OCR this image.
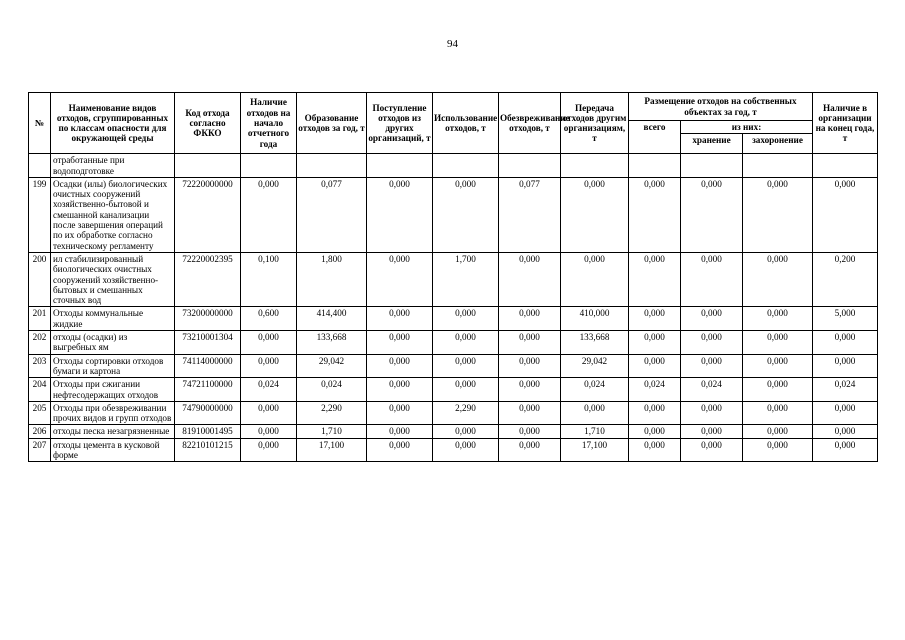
94
№	Наименование видов отходов, сгруппированных по классам опасности для окружающей среды	Код отхода согласно ФККО	Наличие отходов на начало отчетного года	Образование отходов за год, т	Поступление отходов из других организаций, т	Использование отходов, т	Обезвреживание отходов, т	Передача отходов другим организациям, т	Размещение отходов на собственных объектах за год, т			Наличие в организации на конец года, т
									всего	из них:		
										хранение	захоронение	
	отработанные при водоподготовке											
199	Осадки (илы) биологических очистных сооружений хозяйственно-бытовой и смешанной канализации после завершения операций по их обработке согласно техническому регламенту	72220000000	0,000	0,077	0,000	0,000	0,077	0,000	0,000	0,000	0,000	0,000
200	ил стабилизированный биологических очистных сооружений хозяйственно-бытовых и смешанных сточных вод	72220002395	0,100	1,800	0,000	1,700	0,000	0,000	0,000	0,000	0,000	0,200
201	Отходы коммунальные жидкие	73200000000	0,600	414,400	0,000	0,000	0,000	410,000	0,000	0,000	0,000	5,000
202	отходы (осадки) из выгребных ям	73210001304	0,000	133,668	0,000	0,000	0,000	133,668	0,000	0,000	0,000	0,000
203	Отходы сортировки отходов бумаги и картона	74114000000	0,000	29,042	0,000	0,000	0,000	29,042	0,000	0,000	0,000	0,000
204	Отходы при сжигании нефтесодержащих отходов	74721100000	0,024	0,024	0,000	0,000	0,000	0,024	0,024	0,024	0,000	0,024
205	Отходы при обезвреживании прочих видов и групп отходов	74790000000	0,000	2,290	0,000	2,290	0,000	0,000	0,000	0,000	0,000	0,000
206	отходы песка незагрязненные	81910001495	0,000	1,710	0,000	0,000	0,000	1,710	0,000	0,000	0,000	0,000
207	отходы цемента в кусковой форме	82210101215	0,000	17,100	0,000	0,000	0,000	17,100	0,000	0,000	0,000	0,000
